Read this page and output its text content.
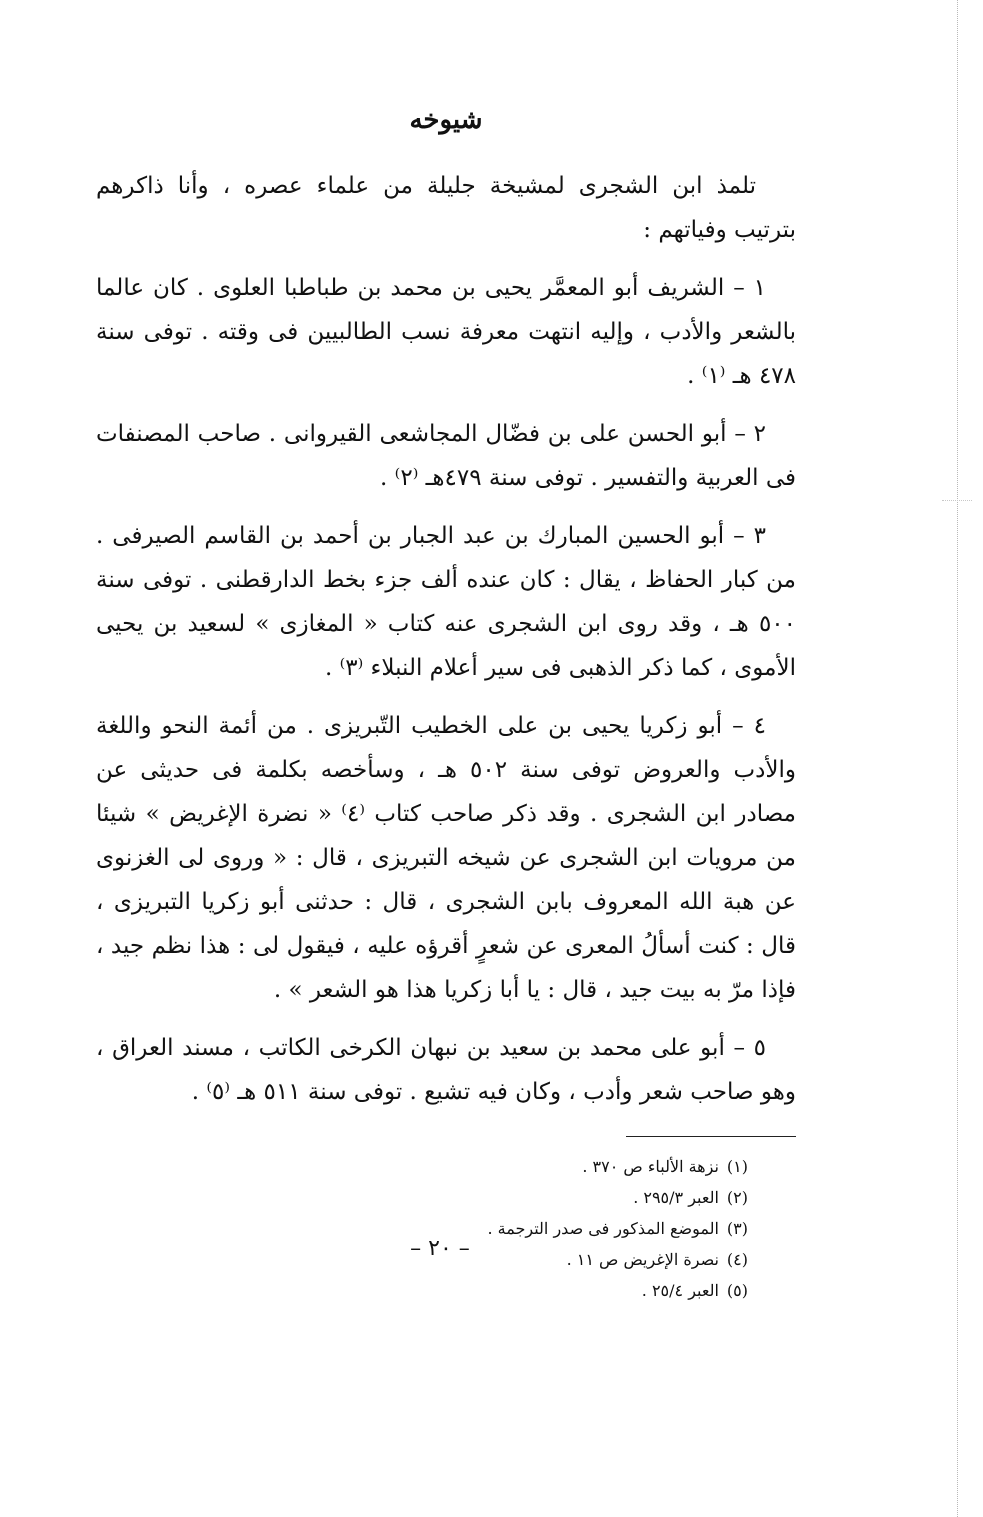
شيوخه

تلمذ ابن الشجرى لمشيخة جليلة من علماء عصره ، وأنا ذاكرهم بترتيب وفياتهم :

١ – الشريف أبو المعمَّر يحيى بن محمد بن طباطبا العلوى . كان عالما بالشعر والأدب ، وإليه انتهت معرفة نسب الطالبيين فى وقته . توفى سنة ٤٧٨ هـ ⁽١⁾ .

٢ – أبو الحسن على بن فضّال المجاشعى القيروانى . صاحب المصنفات فى العربية والتفسير . توفى سنة ٤٧٩هـ ⁽٢⁾ .

٣ – أبو الحسين المبارك بن عبد الجبار بن أحمد بن القاسم الصيرفى . من كبار الحفاظ ، يقال : كان عنده ألف جزء بخط الدارقطنى . توفى سنة ٥٠٠ هـ ، وقد روى ابن الشجرى عنه كتاب « المغازى » لسعيد بن يحيى الأموى ، كما ذكر الذهبى فى سير أعلام النبلاء ⁽٣⁾ .

٤ – أبو زكريا يحيى بن على الخطيب التّبريزى . من أئمة النحو واللغة والأدب والعروض توفى سنة ٥٠٢ هـ ، وسأخصه بكلمة فى حديثى عن مصادر ابن الشجرى . وقد ذكر صاحب كتاب ⁽٤⁾ « نضرة الإغريض » شيئا من مرويات ابن الشجرى عن شيخه التبريزى ، قال : « وروى لى الغزنوى عن هبة الله المعروف بابن الشجرى ، قال : حدثنى أبو زكريا التبريزى ، قال : كنت أسألُ المعرى عن شعرٍ أقرؤه عليه ، فيقول لى : هذا نظم جيد ، فإذا مرّ به بيت جيد ، قال : يا أبا زكريا هذا هو الشعر » .

٥ – أبو على محمد بن سعيد بن نبهان الكرخى الكاتب ، مسند العراق ، وهو صاحب شعر وأدب ، وكان فيه تشيع . توفى سنة ٥١١ هـ ⁽٥⁾ .

(١)نزهة الألباء ص ٣٧٠ .
(٢)العبر ٢٩٥/٣ .
(٣)الموضع المذكور فى صدر الترجمة .
(٤)نصرة الإغريض ص ١١ .
(٥)العبر ٢٥/٤ .
– ٢٠ –
